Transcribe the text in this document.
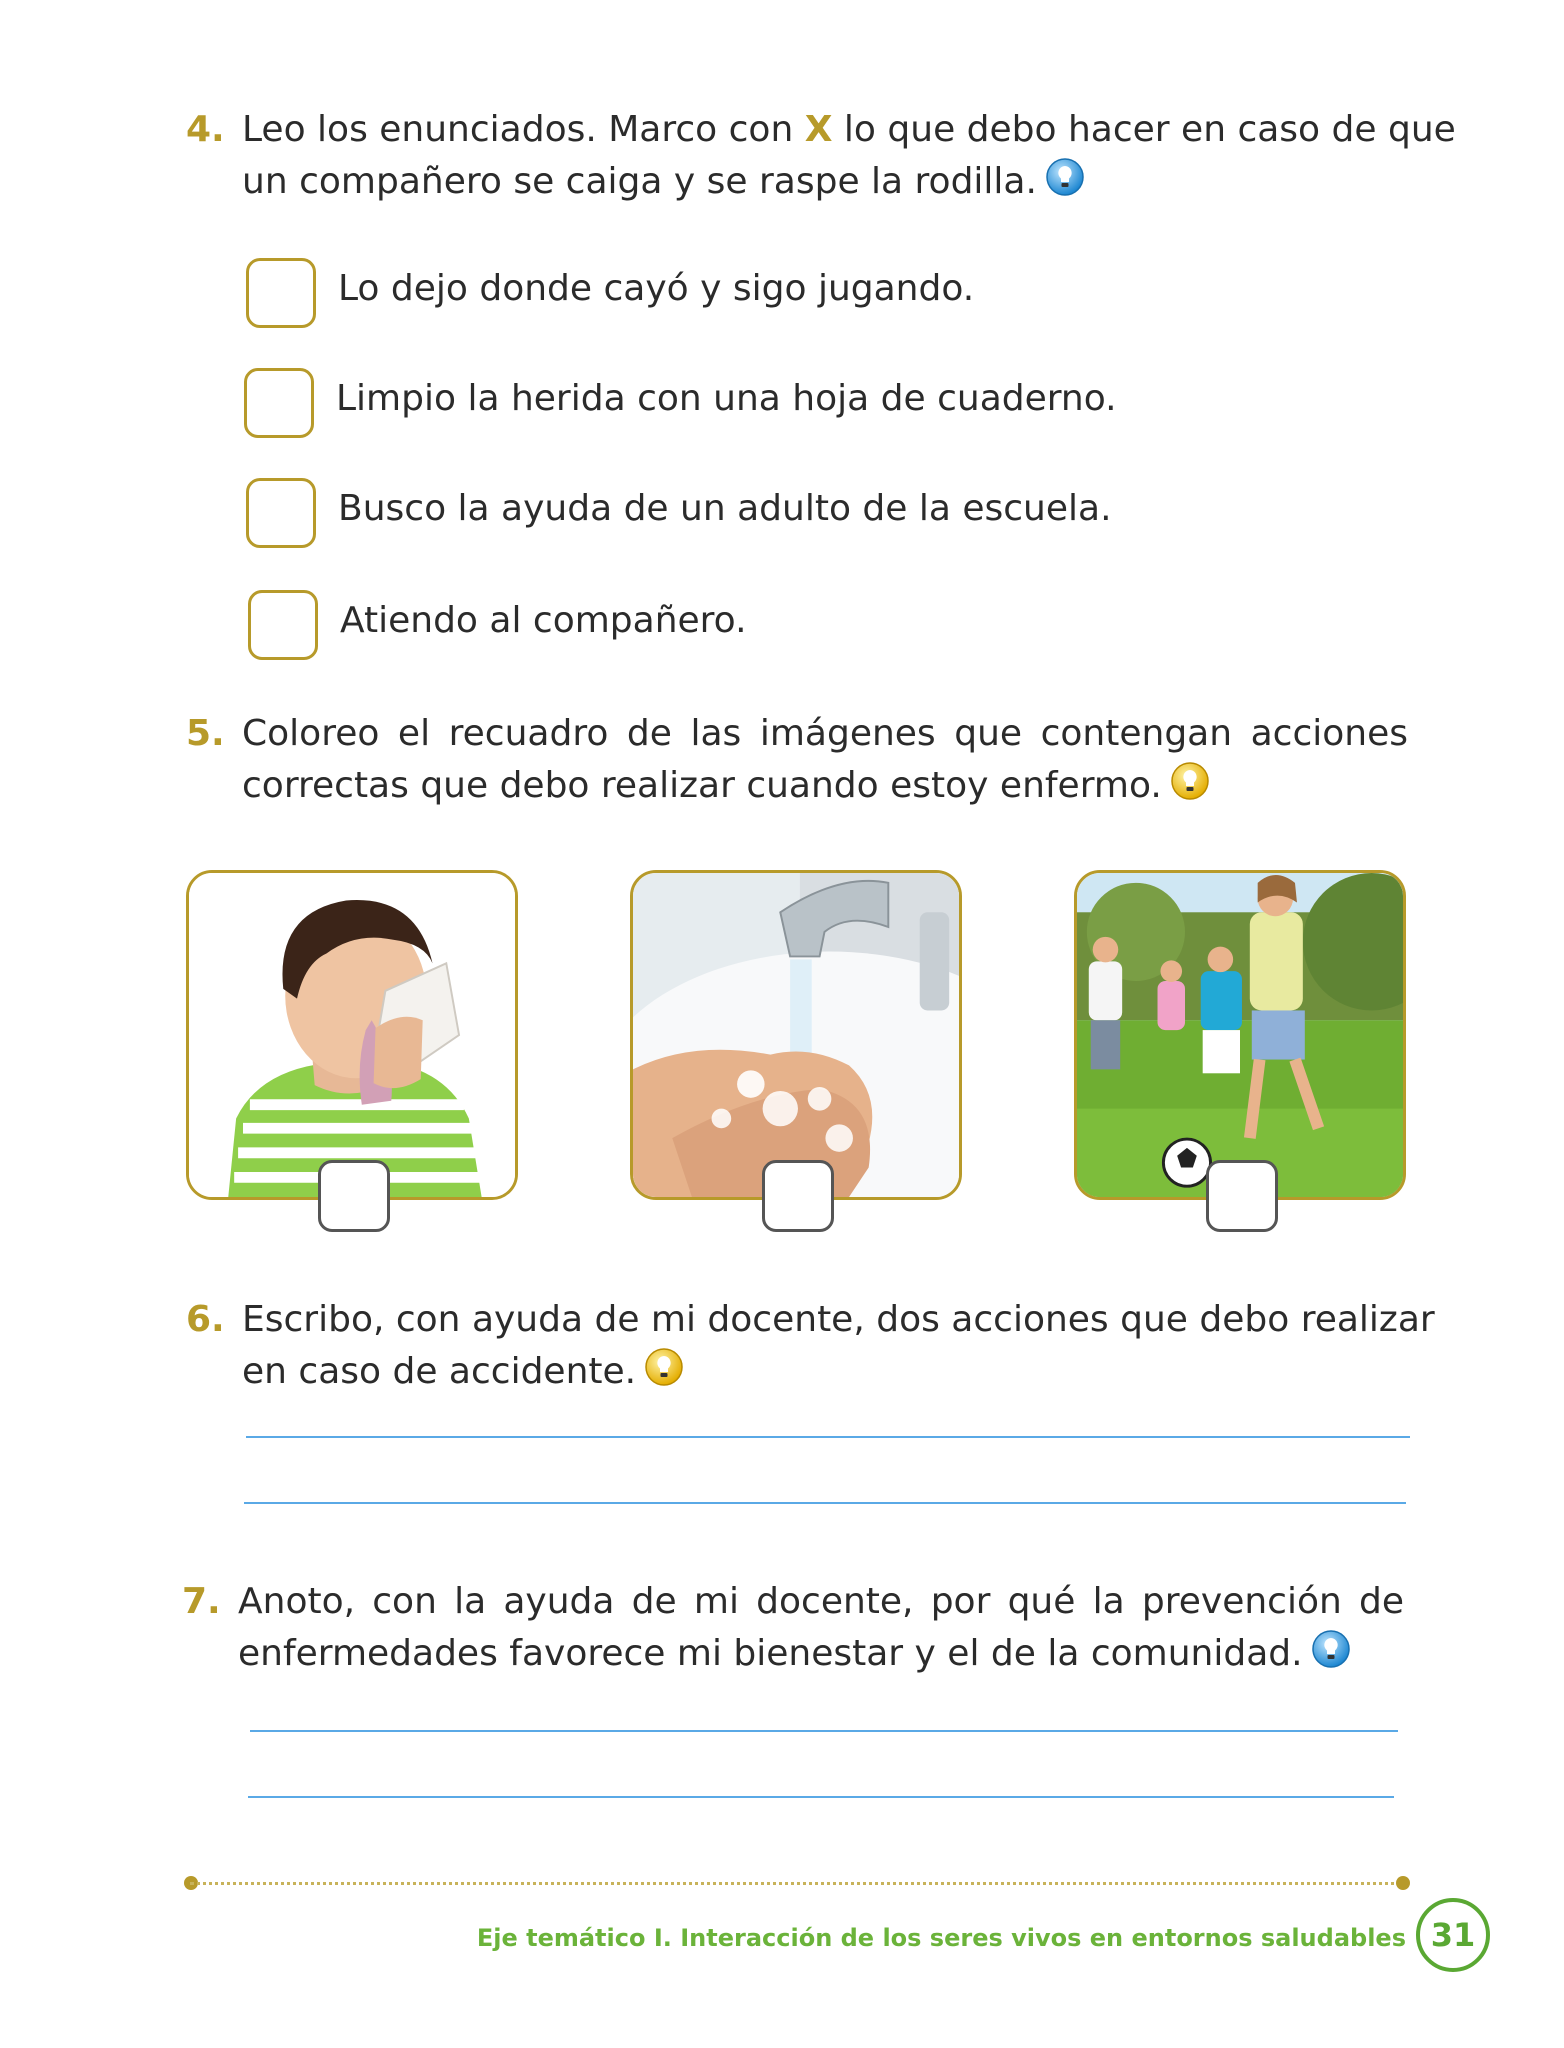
4. Leo los enunciados. Marco con X lo que debo hacer en caso de que

un compañero se caiga y se raspe la rodilla.

Lo dejo donde cayó y sigo jugando.
Limpio la herida con una hoja de cuaderno.
Busco la ayuda de un adulto de la escuela.
Atiendo al compañero.
5. Coloreo el recuadro de las imágenes que contengan acciones

correctas que debo realizar cuando estoy enfermo.

6. Escribo, con ayuda de mi docente, dos acciones que debo realizar

en caso de accidente.

7. Anoto, con la ayuda de mi docente, por qué la prevención de

enfermedades favorece mi bienestar y el de la comunidad.

Eje temático I. Interacción de los seres vivos en entornos saludables 31
